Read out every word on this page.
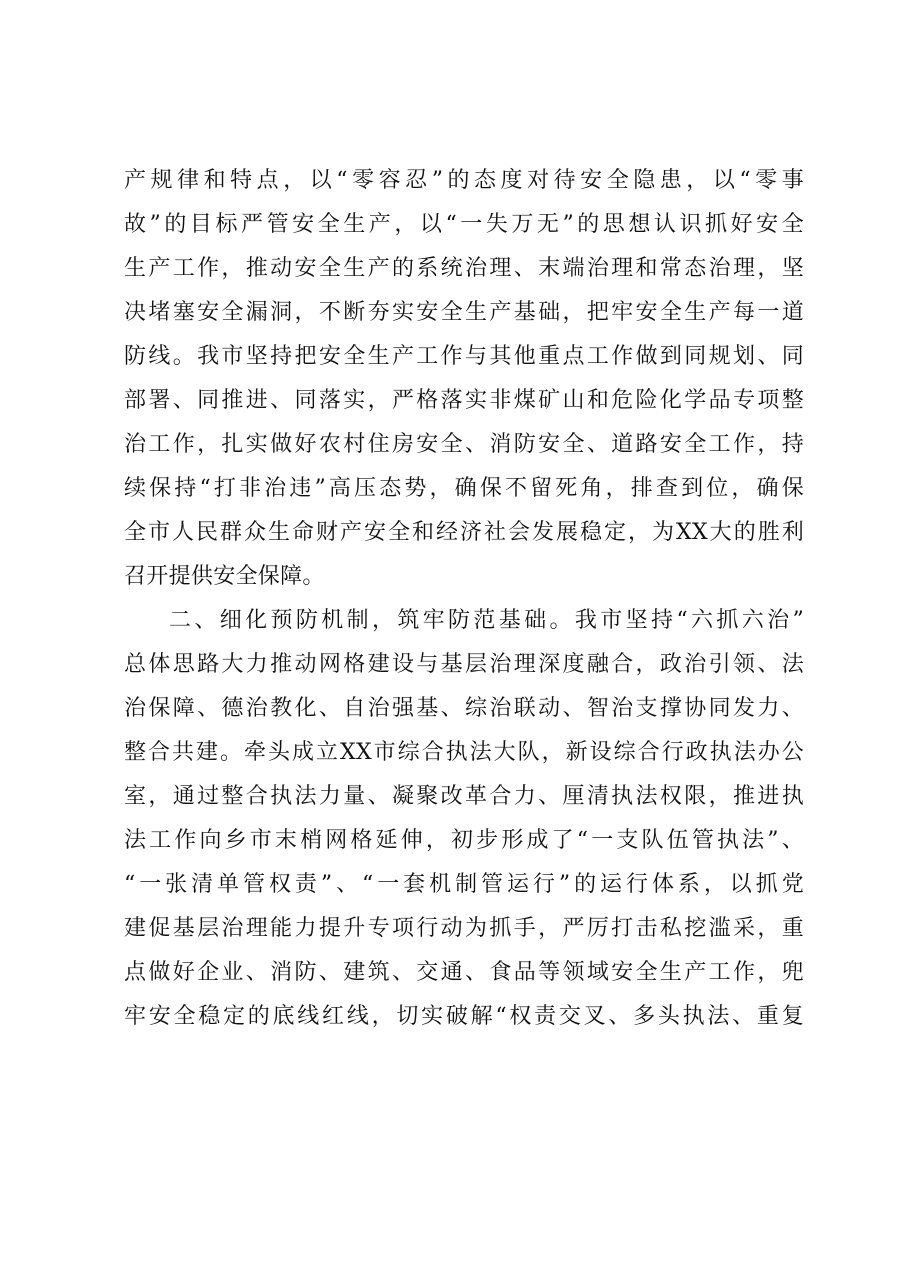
产规律和特点，以“零容忍”的态度对待安全隐患，以“零事
故”的目标严管安全生产，以“一失万无”的思想认识抓好安全
生产工作，推动安全生产的系统治理、末端治理和常态治理，坚
决堵塞安全漏洞，不断夯实安全生产基础，把牢安全生产每一道
防线。我市坚持把安全生产工作与其他重点工作做到同规划、同
部署、同推进、同落实，严格落实非煤矿山和危险化学品专项整
治工作，扎实做好农村住房安全、消防安全、道路安全工作，持
续保持“打非治违”高压态势，确保不留死角，排查到位，确保
全市人民群众生命财产安全和经济社会发展稳定，为XX大的胜利
召开提供安全保障。
二、细化预防机制，筑牢防范基础。我市坚持“六抓六治”
总体思路大力推动网格建设与基层治理深度融合，政治引领、法
治保障、德治教化、自治强基、综治联动、智治支撑协同发力、
整合共建。牵头成立XX市综合执法大队，新设综合行政执法办公
室，通过整合执法力量、凝聚改革合力、厘清执法权限，推进执
法工作向乡市末梢网格延伸，初步形成了“一支队伍管执法”、
“一张清单管权责”、“一套机制管运行”的运行体系，以抓党
建促基层治理能力提升专项行动为抓手，严厉打击私挖滥采，重
点做好企业、消防、建筑、交通、食品等领域安全生产工作，兜
牢安全稳定的底线红线，切实破解“权责交叉、多头执法、重复
